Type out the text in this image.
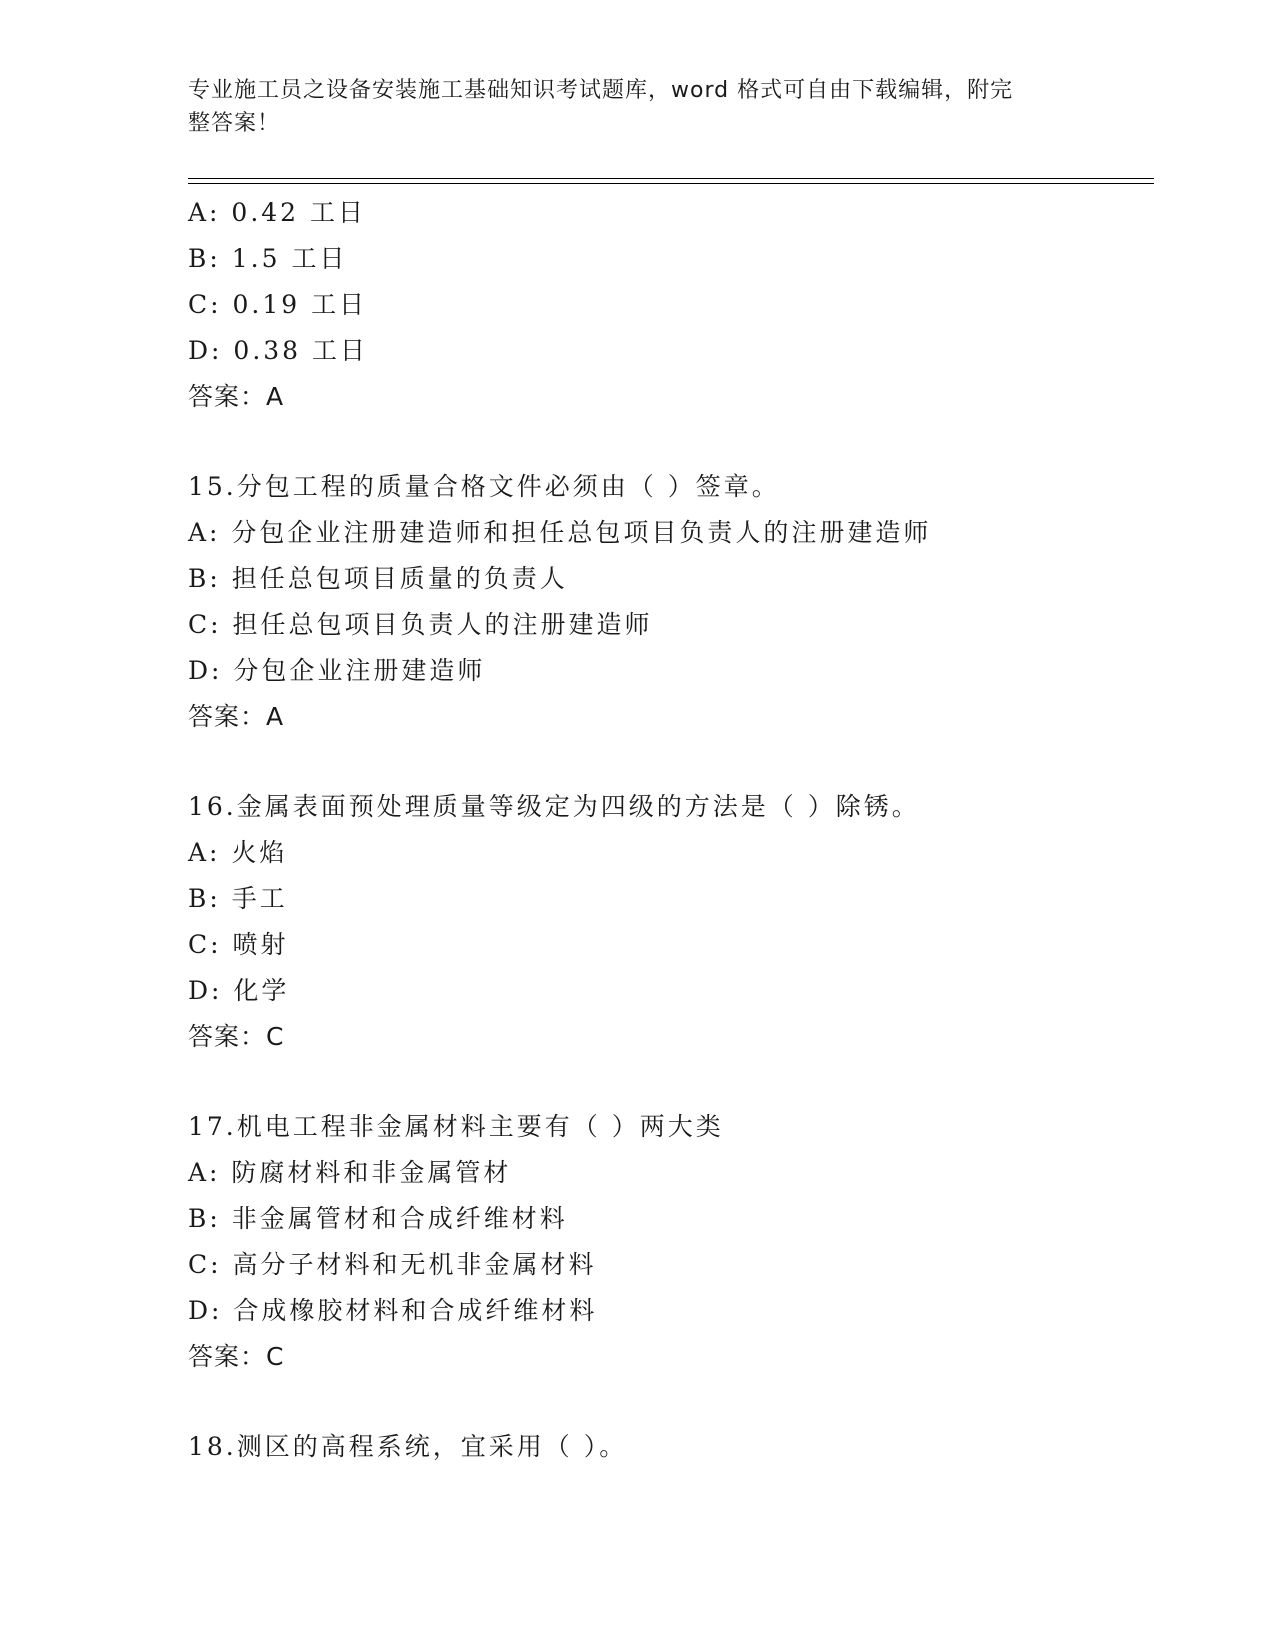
专业施工员之设备安装施工基础知识考试题库，word 格式可自由下载编辑，附完
整答案！
A: 0.42 工日
B: 1.5 工日
C: 0.19 工日
D: 0.38 工日
答案：A
15.分包工程的质量合格文件必须由（ ）签章。
A: 分包企业注册建造师和担任总包项目负责人的注册建造师
B: 担任总包项目质量的负责人
C: 担任总包项目负责人的注册建造师
D: 分包企业注册建造师
答案：A
16.金属表面预处理质量等级定为四级的方法是（ ）除锈。
A: 火焰
B: 手工
C: 喷射
D: 化学
答案：C
17.机电工程非金属材料主要有（ ）两大类
A: 防腐材料和非金属管材
B: 非金属管材和合成纤维材料
C: 高分子材料和无机非金属材料
D: 合成橡胶材料和合成纤维材料
答案：C
18.测区的高程系统，宜采用（ ）。
